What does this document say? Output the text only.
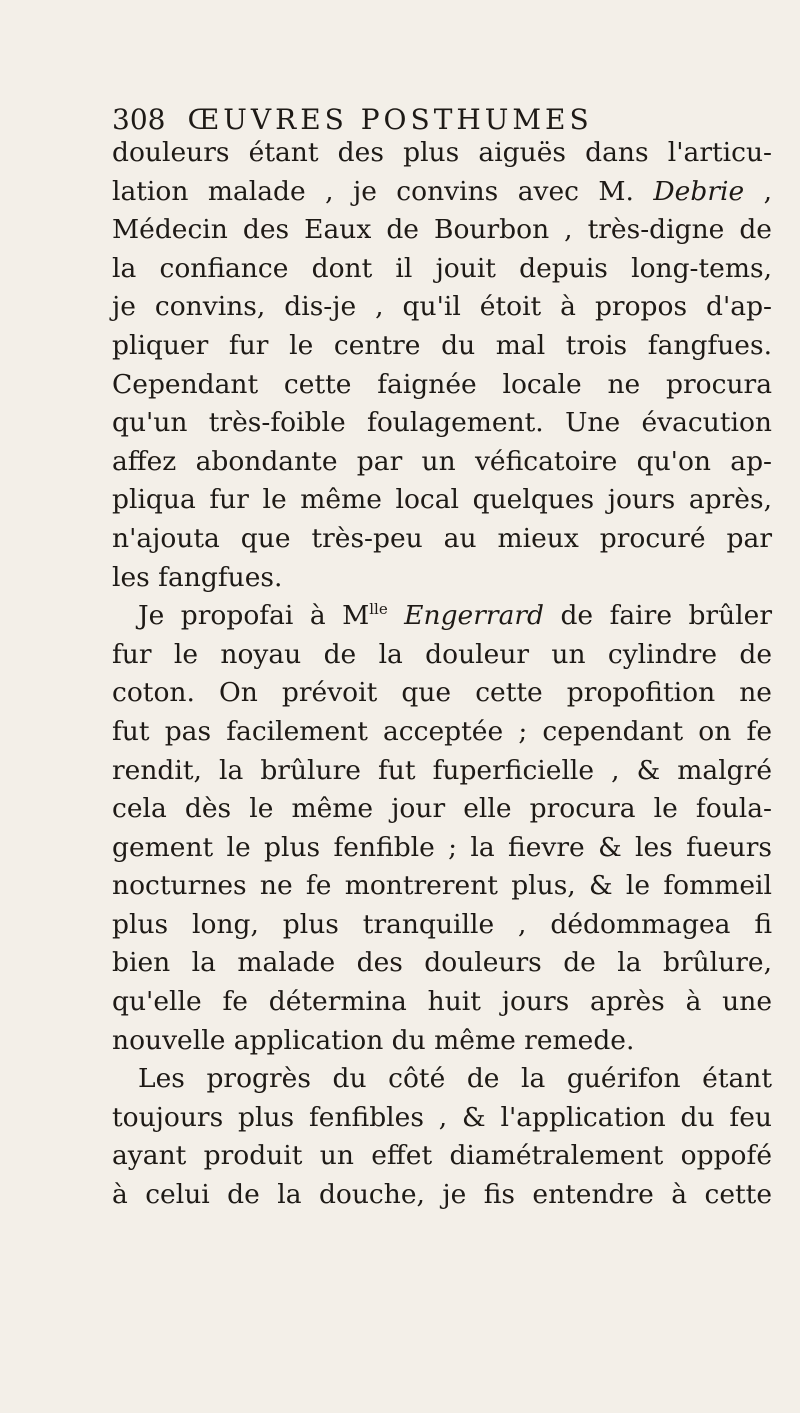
308 ŒUVRES POSTHUMES
douleurs étant des plus aiguës dans l'articu-
lation malade , je convins avec M. Debrie ,
Médecin des Eaux de Bourbon , très-digne de
la confiance dont il jouit depuis long-tems,
je convins, dis-je , qu'il étoit à propos d'ap-
pliquer fur le centre du mal trois fangfues.
Cependant cette faignée locale ne procura
qu'un très-foible foulagement. Une évacution
affez abondante par un véficatoire qu'on ap-
pliqua fur le même local quelques jours après,
n'ajouta que très-peu au mieux procuré par
les fangfues.
Je propofai à $M^{lle}$ Engerrard de faire brûler
fur le noyau de la douleur un cylindre de
coton. On prévoit que cette propofition ne
fut pas facilement acceptée ; cependant on fe
rendit, la brûlure fut fuperficielle , & malgré
cela dès le même jour elle procura le foula-
gement le plus fenfible ; la fievre & les fueurs
nocturnes ne fe montrerent plus, & le fommeil
plus long, plus tranquille , dédommagea fi
bien la malade des douleurs de la brûlure,
qu'elle fe détermina huit jours après à une
nouvelle application du même remede.
Les progrès du côté de la guérifon étant
toujours plus fenfibles , & l'application du feu
ayant produit un effet diamétralement oppofé
à celui de la douche, je fis entendre à cette
